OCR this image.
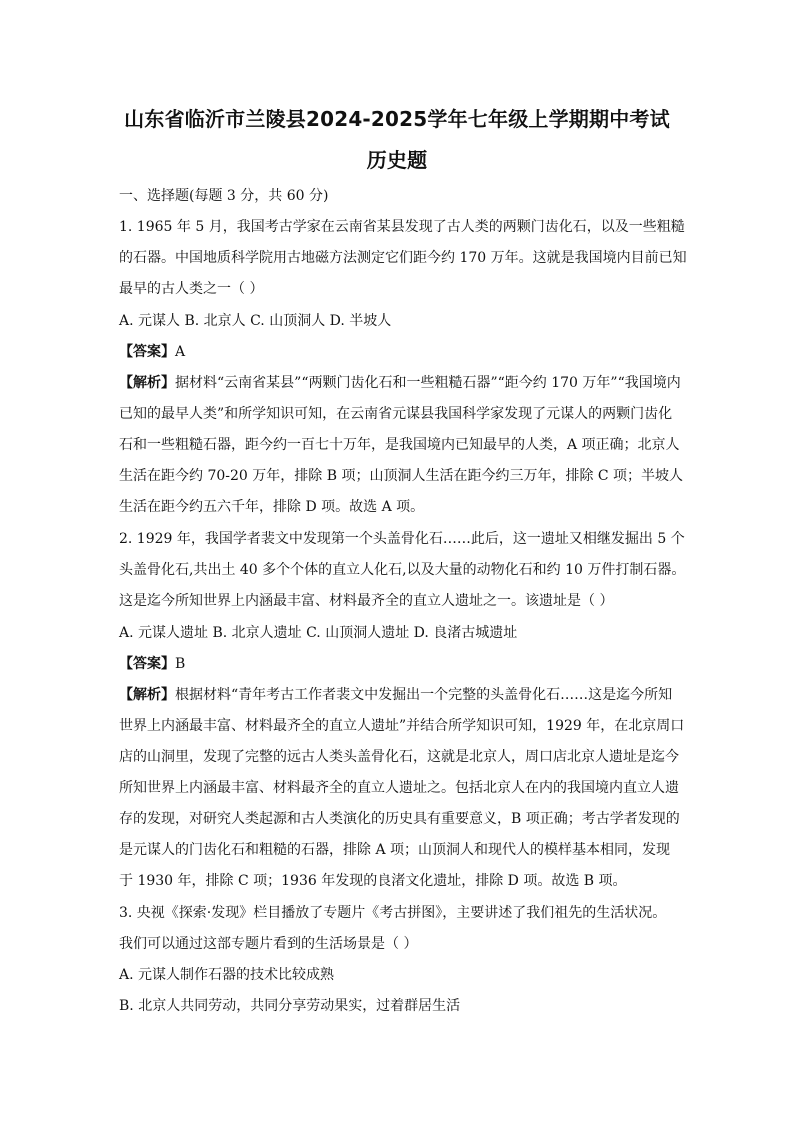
山东省临沂市兰陵县2024-2025学年七年级上学期期中考试
历史题
一、选择题(每题 3 分，共 60 分)
1. 1965 年 5 月，我国考古学家在云南省某县发现了古人类的两颗门齿化石，以及一些粗糙
的石器。中国地质科学院用古地磁方法测定它们距今约 170 万年。这就是我国境内目前已知
最早的古人类之一（ ）
A. 元谋人 B. 北京人 C. 山顶洞人 D. 半坡人
【答案】A
【解析】据材料“云南省某县”“两颗门齿化石和一些粗糙石器”“距今约 170 万年”“我国境内
已知的最早人类”和所学知识可知，在云南省元谋县我国科学家发现了元谋人的两颗门齿化
石和一些粗糙石器，距今约一百七十万年，是我国境内已知最早的人类，A 项正确；北京人
生活在距今约 70-20 万年，排除 B 项；山顶洞人生活在距今约三万年，排除 C 项；半坡人
生活在距今约五六千年，排除 D 项。故选 A 项。
2. 1929 年，我国学者裴文中发现第一个头盖骨化石……此后，这一遗址又相继发掘出 5 个
头盖骨化石,共出土 40 多个个体的直立人化石,以及大量的动物化石和约 10 万件打制石器。
这是迄今所知世界上内涵最丰富、材料最齐全的直立人遗址之一。该遗址是（ ）
A. 元谋人遗址 B. 北京人遗址 C. 山顶洞人遗址 D. 良渚古城遗址
【答案】B
【解析】根据材料“青年考古工作者裴文中发掘出一个完整的头盖骨化石……这是迄今所知
世界上内涵最丰富、材料最齐全的直立人遗址”并结合所学知识可知，1929 年，在北京周口
店的山洞里，发现了完整的远古人类头盖骨化石，这就是北京人，周口店北京人遗址是迄今
所知世界上内涵最丰富、材料最齐全的直立人遗址之。包括北京人在内的我国境内直立人遗
存的发现，对研究人类起源和古人类演化的历史具有重要意义，B 项正确；考古学者发现的
是元谋人的门齿化石和粗糙的石器，排除 A 项；山顶洞人和现代人的模样基本相同，发现
于 1930 年，排除 C 项；1936 年发现的良渚文化遗址，排除 D 项。故选 B 项。
3. 央视《探索·发现》栏目播放了专题片《考古拼图》，主要讲述了我们祖先的生活状况。
我们可以通过这部专题片看到的生活场景是（ ）
A. 元谋人制作石器的技术比较成熟
B. 北京人共同劳动，共同分享劳动果实，过着群居生活
